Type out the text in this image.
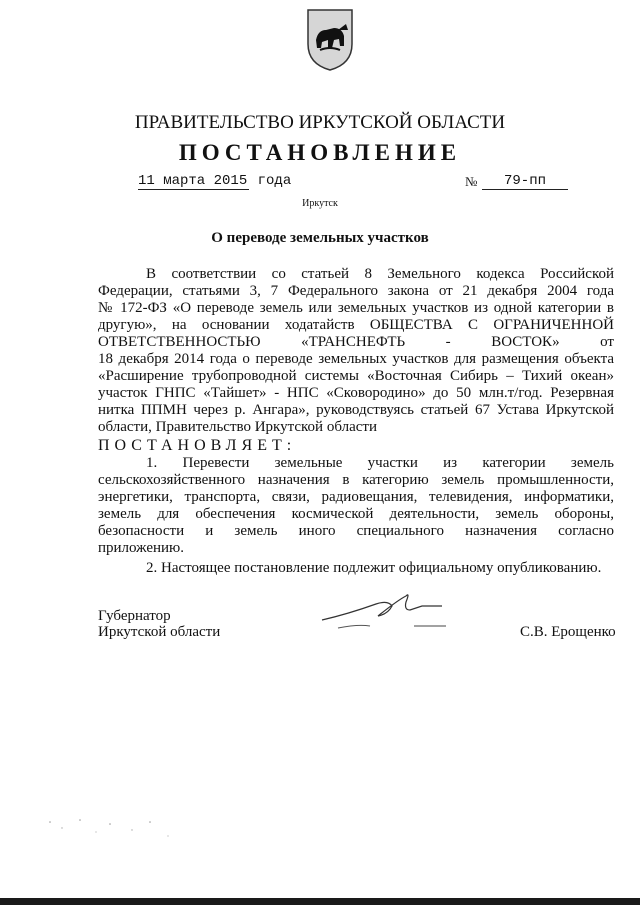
ПРАВИТЕЛЬСТВО ИРКУТСКОЙ ОБЛАСТИ
ПОСТАНОВЛЕНИЕ
11 марта 2015 года	№	79-пп
Иркутск
О переводе земельных участков
В соответствии со статьей 8 Земельного кодекса Российской
Федерации, статьями 3, 7 Федерального закона от 21 декабря 2004 года
№ 172-ФЗ «О переводе земель или земельных участков из одной категории в
другую», на основании ходатайств ОБЩЕСТВА С ОГРАНИЧЕННОЙ
ОТВЕТСТВЕННОСТЬЮ «ТРАНСНЕФТЬ - ВОСТОК» от
18 декабря 2014 года о переводе земельных участков для размещения объекта
«Расширение трубопроводной системы «Восточная Сибирь – Тихий океан»
участок ГНПС «Тайшет» - НПС «Сковородино» до 50 млн.т/год. Резервная
нитка ППМН через р. Ангара», руководствуясь статьей 67 Устава Иркутской
области, Правительство Иркутской области
ПОСТАНОВЛЯЕТ:
1. Перевести земельные участки из категории земель
сельскохозяйственного назначения в категорию земель промышленности,
энергетики, транспорта, связи, радиовещания, телевидения, информатики,
земель для обеспечения космической деятельности, земель обороны,
безопасности и земель иного специального назначения согласно
приложению.
2. Настоящее постановление подлежит официальному опубликованию.
Губернатор
Иркутской области	С.В. Ерощенко
